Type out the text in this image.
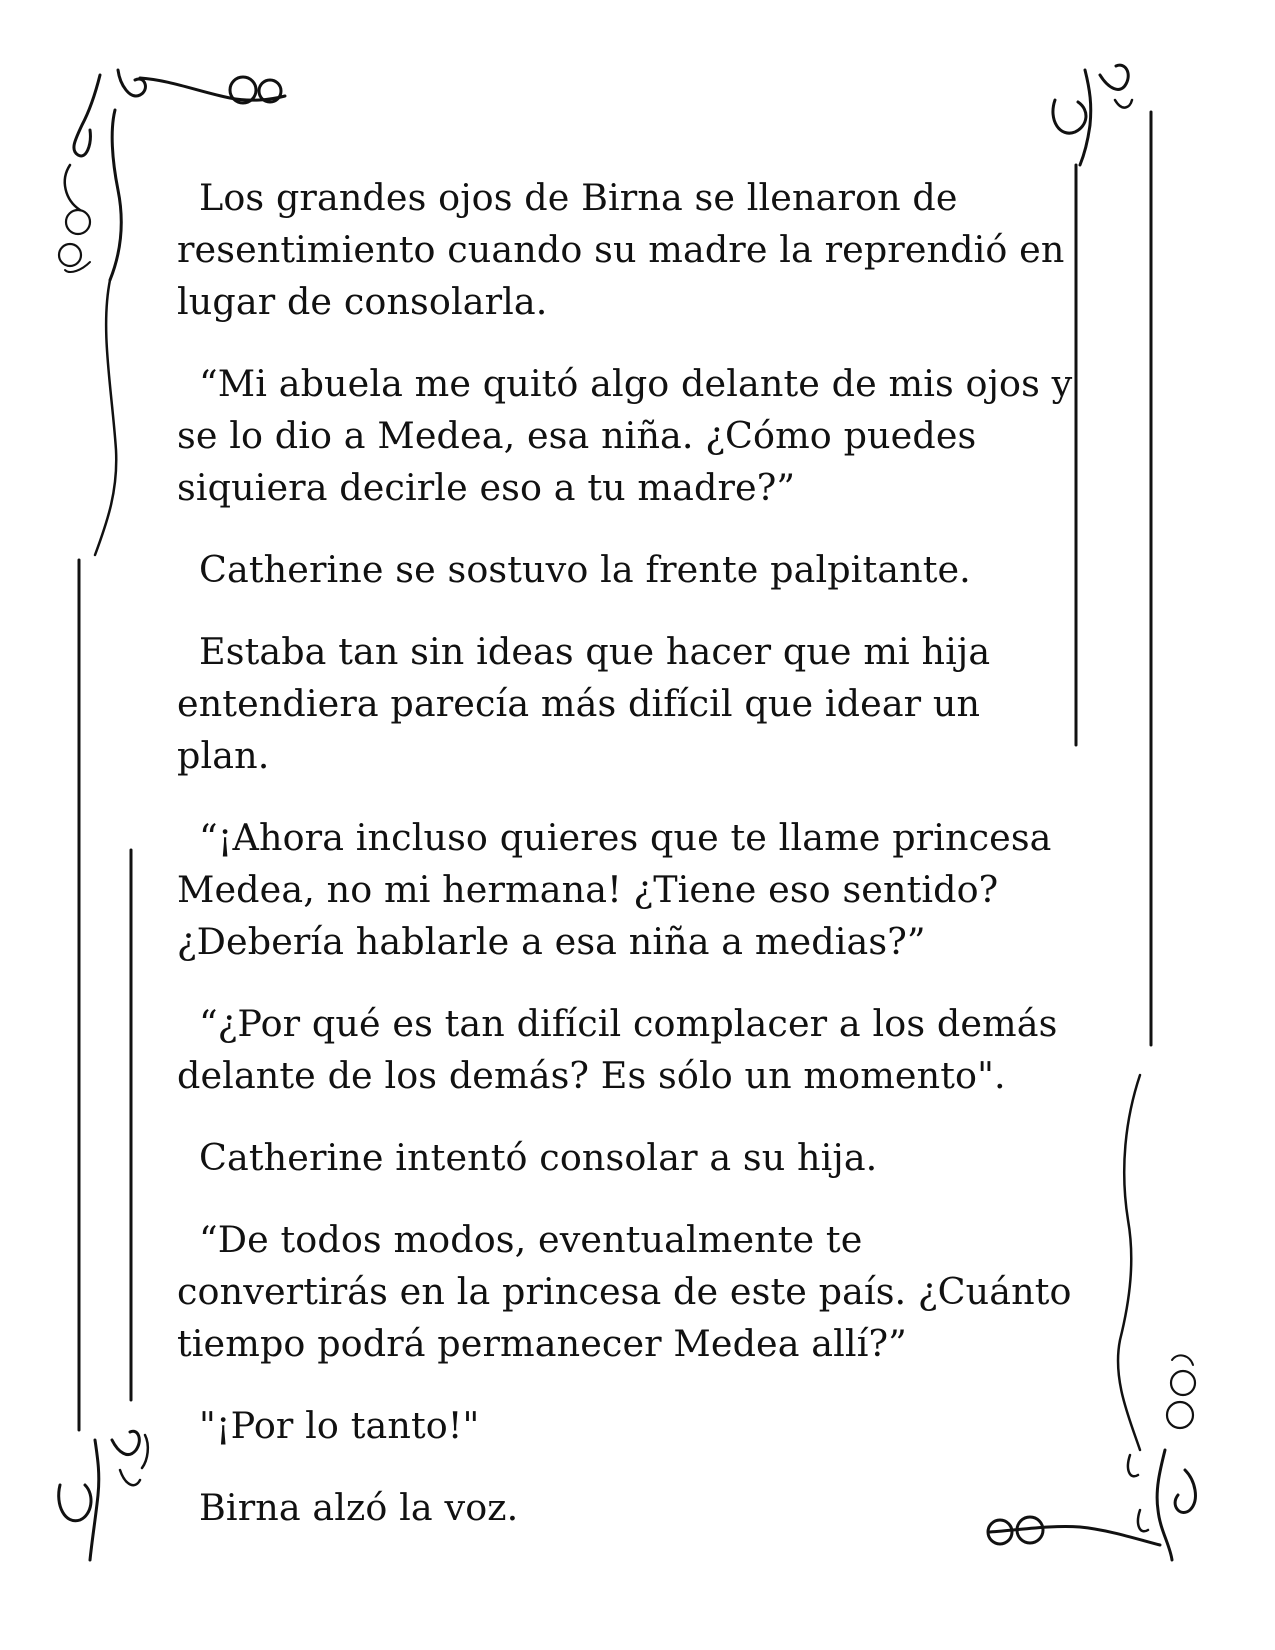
Los grandes ojos de Birna se llenaron de
resentimiento cuando su madre la reprendió en
lugar de consolarla.

“Mi abuela me quitó algo delante de mis ojos y
se lo dio a Medea, esa niña. ¿Cómo puedes
siquiera decirle eso a tu madre?”

Catherine se sostuvo la frente palpitante.

Estaba tan sin ideas que hacer que mi hija
entendiera parecía más difícil que idear un
plan.

“¡Ahora incluso quieres que te llame princesa
Medea, no mi hermana! ¿Tiene eso sentido?
¿Debería hablarle a esa niña a medias?”

“¿Por qué es tan difícil complacer a los demás
delante de los demás? Es sólo un momento".

Catherine intentó consolar a su hija.

“De todos modos, eventualmente te
convertirás en la princesa de este país. ¿Cuánto
tiempo podrá permanecer Medea allí?”

"¡Por lo tanto!"

Birna alzó la voz.
